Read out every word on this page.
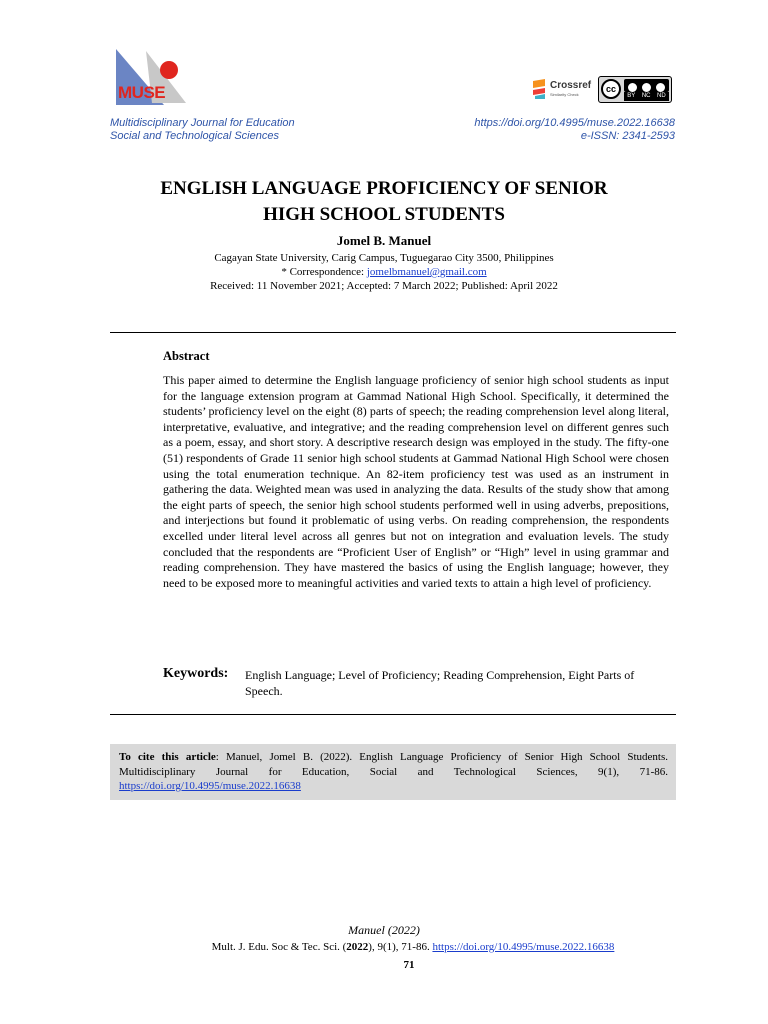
MUSE
Multidisciplinary Journal for Education
Social and Technological Sciences
Crossref
Similarity Check
cc
BY NC ND
https://doi.org/10.4995/muse.2022.16638
e-ISSN: 2341-2593
ENGLISH LANGUAGE PROFICIENCY OF SENIOR
HIGH SCHOOL STUDENTS
Jomel B. Manuel
Cagayan State University, Carig Campus, Tuguegarao City 3500, Philippines
* Correspondence: jomelbmanuel@gmail.com
Received: 11 November 2021; Accepted: 7 March 2022; Published: April 2022
Abstract
This paper aimed to determine the English language proficiency of senior high school students as input for the language extension program at Gammad National High School. Specifically, it determined the students’ proficiency level on the eight (8) parts of speech; the reading comprehension level along literal, interpretative, evaluative, and integrative; and the reading comprehension level on different genres such as a poem, essay, and short story. A descriptive research design was employed in the study. The fifty-one (51) respondents of Grade 11 senior high school students at Gammad National High School were chosen using the total enumeration technique. An 82-item proficiency test was used as an instrument in gathering the data. Weighted mean was used in analyzing the data. Results of the study show that among the eight parts of speech, the senior high school students performed well in using adverbs, prepositions, and interjections but found it problematic of using verbs. On reading comprehension, the respondents excelled under literal level across all genres but not on integration and evaluation levels. The study concluded that the respondents are “Proficient User of English” or “High” level in using grammar and reading comprehension. They have mastered the basics of using the English language; however, they need to be exposed more to meaningful activities and varied texts to attain a high level of proficiency.
Keywords: English Language; Level of Proficiency; Reading Comprehension, Eight Parts of Speech.
To cite this article: Manuel, Jomel B. (2022). English Language Proficiency of Senior High School Students. Multidisciplinary Journal for Education, Social and Technological Sciences, 9(1), 71-86. https://doi.org/10.4995/muse.2022.16638
Manuel (2022)
Mult. J. Edu. Soc & Tec. Sci. (2022), 9(1), 71-86. https://doi.org/10.4995/muse.2022.16638
71
